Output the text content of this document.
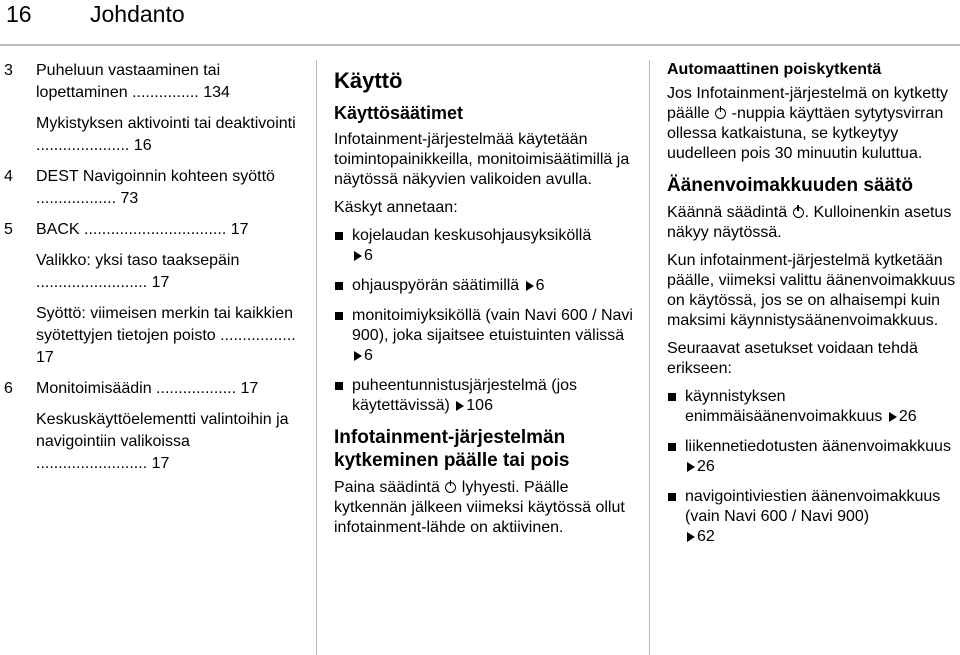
16	Johdanto
3 Puheluun vastaaminen tai lopettaminen ............... 134
Mykistyksen aktivointi tai deaktivointi ..................... 16
4 DEST Navigoinnin kohteen syöttö .................. 73
5 BACK ................................ 17
Valikko: yksi taso taaksepäin ......................... 17
Syöttö: viimeisen merkin tai kaikkien syötettyjen tietojen poisto ................. 17
6 Monitoimisäädin .................. 17
Keskuskäyttöelementti valintoihin ja navigointiin valikoissa ......................... 17
Käyttö
Käyttösäätimet

Infotainment-järjestelmää käytetään toimintopainikkeilla, monitoimisäätimillä ja näytössä näkyvien valikoiden avulla.

Käskyt annetaan:

kojelaudan keskusohjausyksiköllä
6
ohjauspyörän säätimillä 6
monitoimiyksiköllä (vain Navi 600 / Navi 900), joka sijaitsee etuistuinten välissä 6
puheentunnistusjärjestelmä (jos käytettävissä) 106
Infotainment-järjestelmän kytkeminen päälle tai pois

Paina säädintä lyhyesti. Päälle kytkennän jälkeen viimeksi käytössä ollut infotainment-lähde on aktiivinen.

Automaattinen poiskytkentä

Jos Infotainment-järjestelmä on kytketty päälle -nuppia käyttäen sytytysvirran ollessa katkaistuna, se kytkeytyy uudelleen pois 30 minuutin kuluttua.

Äänenvoimakkuuden säätö

Käännä säädintä . Kulloinenkin asetus näkyy näytössä.

Kun infotainment-järjestelmä kytketään päälle, viimeksi valittu äänenvoimakkuus on käytössä, jos se on alhaisempi kuin maksimi käynnistysäänenvoimakkuus.

Seuraavat asetukset voidaan tehdä erikseen:

käynnistyksen enimmäisäänenvoimakkuus 26
liikennetiedotusten äänenvoimakkuus 26
navigointiviestien äänenvoimakkuus (vain Navi 600 / Navi 900)
62
